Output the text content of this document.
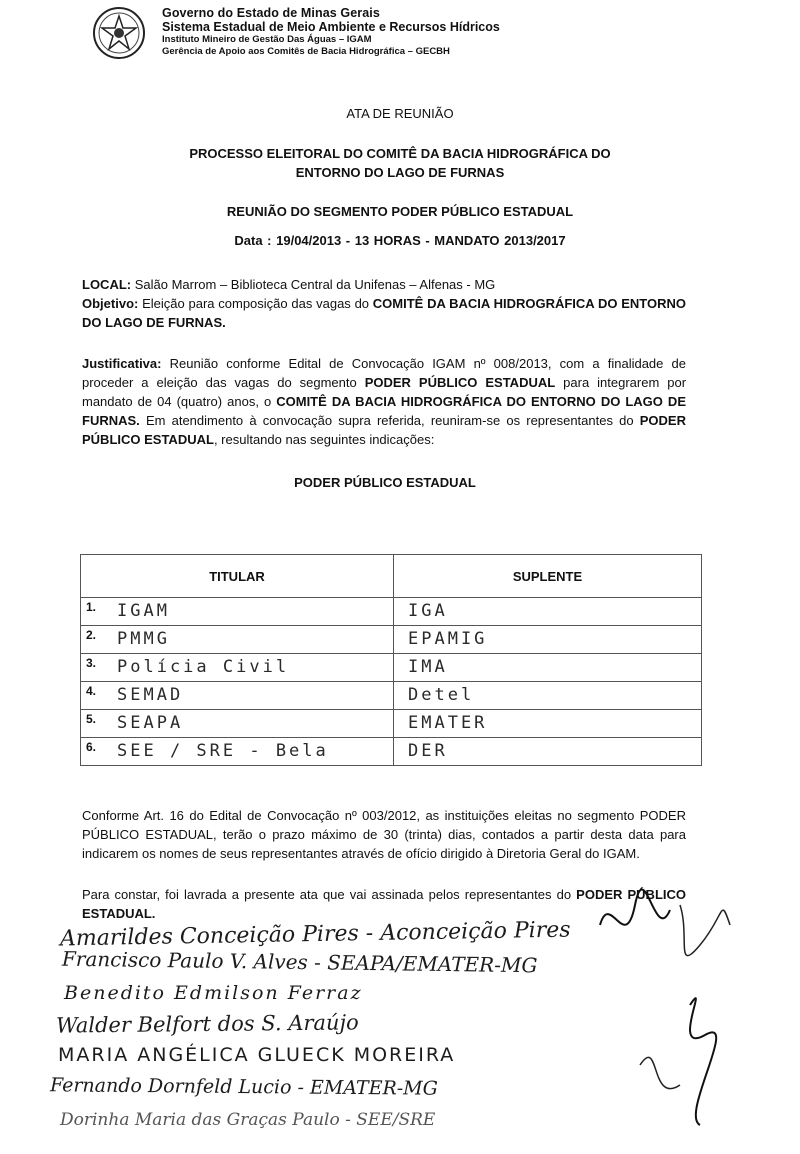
Governo do Estado de Minas Gerais
Sistema Estadual de Meio Ambiente e Recursos Hídricos
Instituto Mineiro de Gestão Das Águas – IGAM
Gerência de Apoio aos Comitês de Bacia Hidrográfica – GECBH
ATA DE REUNIÃO
PROCESSO ELEITORAL DO COMITÊ DA BACIA HIDROGRÁFICA DO
ENTORNO DO LAGO DE FURNAS
REUNIÃO DO SEGMENTO PODER PÚBLICO ESTADUAL
Data : 19/04/2013 - 13 HORAS - MANDATO 2013/2017
LOCAL: Salão Marrom – Biblioteca Central da Unifenas – Alfenas - MG
Objetivo: Eleição para composição das vagas do COMITÊ DA BACIA HIDROGRÁFICA DO ENTORNO DO LAGO DE FURNAS.
Justificativa: Reunião conforme Edital de Convocação IGAM nº 008/2013, com a finalidade de proceder a eleição das vagas do segmento PODER PÚBLICO ESTADUAL para integrarem por mandato de 04 (quatro) anos, o COMITÊ DA BACIA HIDROGRÁFICA DO ENTORNO DO LAGO DE FURNAS. Em atendimento à convocação supra referida, reuniram-se os representantes do PODER PÚBLICO ESTADUAL, resultando nas seguintes indicações:
PODER PÚBLICO ESTADUAL
TITULAR	SUPLENTE

1. IGAM	IGA

2. PMMG	EPAMIG

3. Polícia Civil	IMA

4. SEMAD	Detel

5. SEAPA	EMATER

6. SEE / SRE - Bela	DER
Conforme Art. 16 do Edital de Convocação nº 003/2012, as instituições eleitas no segmento PODER PÚBLICO ESTADUAL, terão o prazo máximo de 30 (trinta) dias, contados a partir desta data para indicarem os nomes de seus representantes através de ofício dirigido à Diretoria Geral do IGAM.
Para constar, foi lavrada a presente ata que vai assinada pelos representantes do PODER PÚBLICO ESTADUAL.
Amarildes Conceição Pires - Aconceição Pires
Francisco Paulo V. Alves - SEAPA/EMATER-MG
Benedito Edmilson Ferraz
Walder Belfort dos S. Araújo
MARIA ANGÉLICA GLUECK MOREIRA
Fernando Dornfeld Lucio - EMATER-MG
Dorinha Maria das Graças Paulo - SEE/SRE
